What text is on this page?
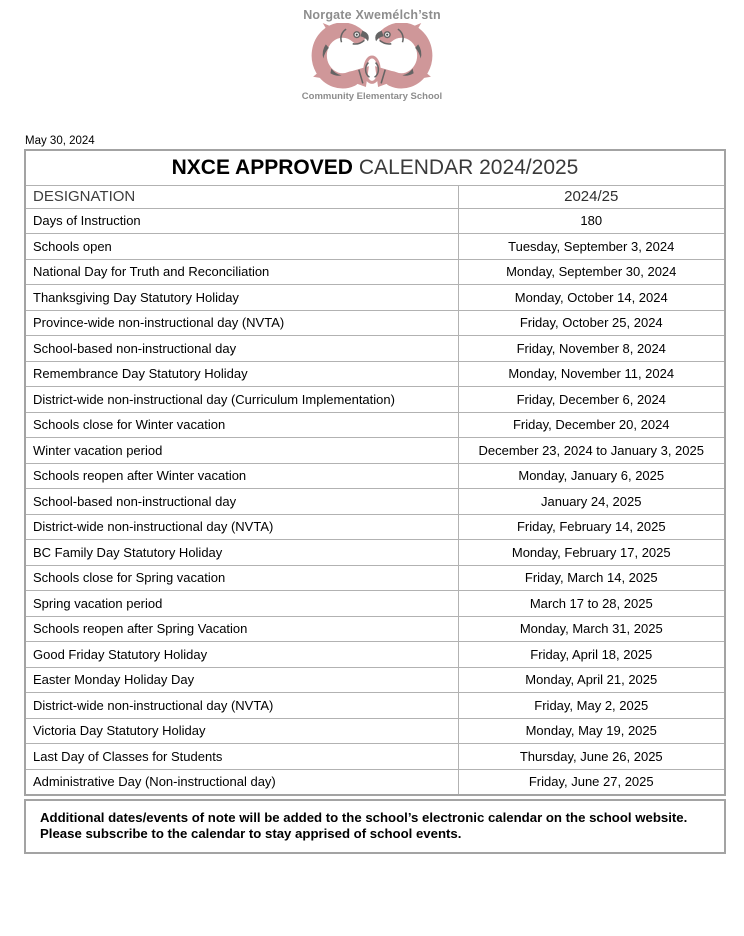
Norgate Xwemélch’stn
Community Elementary School
May 30, 2024
NXCE APPROVED CALENDAR 2024/2025	
DESIGNATION	2024/25
Days of Instruction	180
Schools open	Tuesday, September 3, 2024
National Day for Truth and Reconciliation	Monday, September 30, 2024
Thanksgiving Day Statutory Holiday	Monday, October 14, 2024
Province-wide non-instructional day (NVTA)	Friday, October 25, 2024
School-based non-instructional day	Friday, November 8, 2024
Remembrance Day Statutory Holiday	Monday, November 11, 2024
District-wide non-instructional day (Curriculum Implementation)	Friday, December 6, 2024
Schools close for Winter vacation	Friday, December 20, 2024
Winter vacation period	December 23, 2024 to January 3, 2025
Schools reopen after Winter vacation	Monday, January 6, 2025
School-based non-instructional day	January 24, 2025
District-wide non-instructional day (NVTA)	Friday, February 14, 2025
BC Family Day Statutory Holiday	Monday, February 17, 2025
Schools close for Spring vacation	Friday, March 14, 2025
Spring vacation period	March 17 to 28, 2025
Schools reopen after Spring Vacation	Monday, March 31, 2025
Good Friday Statutory Holiday	Friday, April 18, 2025
Easter Monday Holiday Day	Monday, April 21, 2025
District-wide non-instructional day (NVTA)	Friday, May 2, 2025
Victoria Day Statutory Holiday	Monday, May 19, 2025
Last Day of Classes for Students	Thursday, June 26, 2025
Administrative Day (Non-instructional day)	Friday, June 27, 2025
Additional dates/events of note will be added to the school’s electronic calendar on the school website.
Please subscribe to the calendar to stay apprised of school events.
